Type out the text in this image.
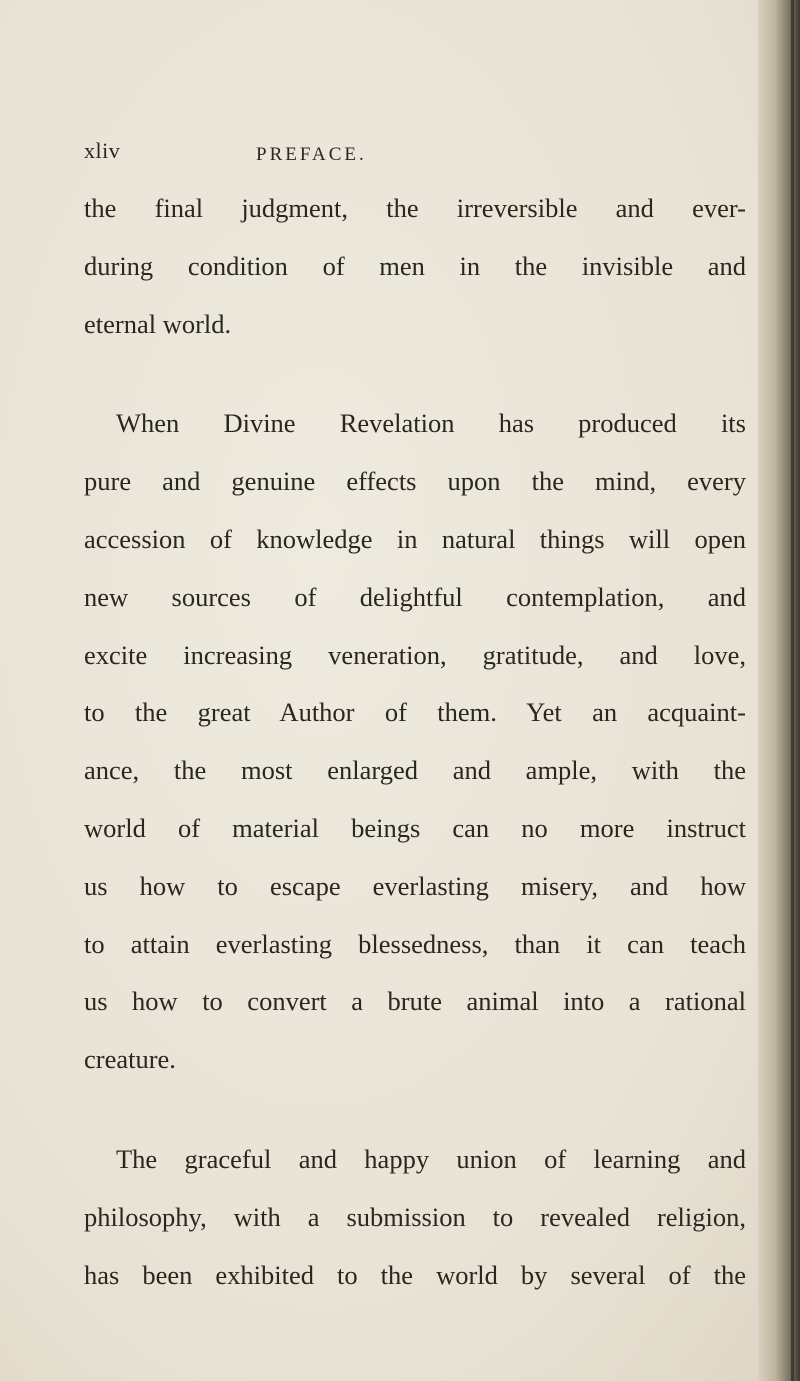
xliv	PREFACE.

the final judgment, the irreversible and ever-
during condition of men in the invisible and
eternal world.

When Divine Revelation has produced its
pure and genuine effects upon the mind, every
accession of knowledge in natural things will open
new sources of delightful contemplation, and
excite increasing veneration, gratitude, and love,
to the great Author of them. Yet an acquaint-
ance, the most enlarged and ample, with the
world of material beings can no more instruct
us how to escape everlasting misery, and how
to attain everlasting blessedness, than it can teach
us how to convert a brute animal into a rational
creature.

The graceful and happy union of learning and
philosophy, with a submission to revealed religion,
has been exhibited to the world by several of the
